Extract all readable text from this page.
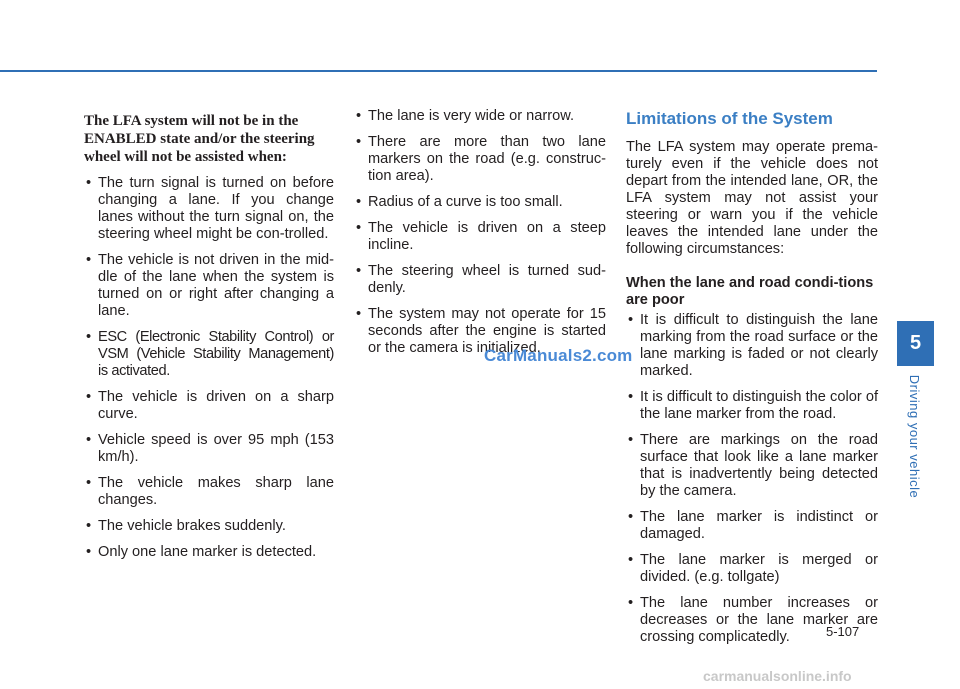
The LFA system will not be in the ENABLED state and/or the steering wheel will not be assisted when:
• The turn signal is turned on before changing a lane. If you change lanes without the turn signal on, the steering wheel might be con-trolled.
• The vehicle is not driven in the mid-dle of the lane when the system is turned on or right after changing a lane.
• ESC (Electronic Stability Control) or VSM (Vehicle Stability Management) is activated.
• The vehicle is driven on a sharp curve.
• Vehicle speed is over 95 mph (153 km/h).
• The vehicle makes sharp lane changes.
• The vehicle brakes suddenly.
• Only one lane marker is detected.
• The lane is very wide or narrow.
• There are more than two lane markers on the road (e.g. construc-tion area).
• Radius of a curve is too small.
• The vehicle is driven on a steep incline.
• The steering wheel is turned sud-denly.
• The system may not operate for 15 seconds after the engine is started or the camera is initialized.
Limitations of the System
The LFA system may operate prema-turely even if the vehicle does not depart from the intended lane, OR, the LFA system may not assist your steering or warn you if the vehicle leaves the intended lane under the following circumstances:
When the lane and road condi-tions are poor
• It is difficult to distinguish the lane marking from the road surface or the lane marking is faded or not clearly marked.
• It is difficult to distinguish the color of the lane marker from the road.
• There are markings on the road surface that look like a lane marker that is inadvertently being detected by the camera.
• The lane marker is indistinct or damaged.
• The lane marker is merged or divided. (e.g. tollgate)
• The lane number increases or decreases or the lane marker are crossing complicatedly.
5
Driving your vehicle
5-107
CarManuals2.com
carmanualsonline.info
